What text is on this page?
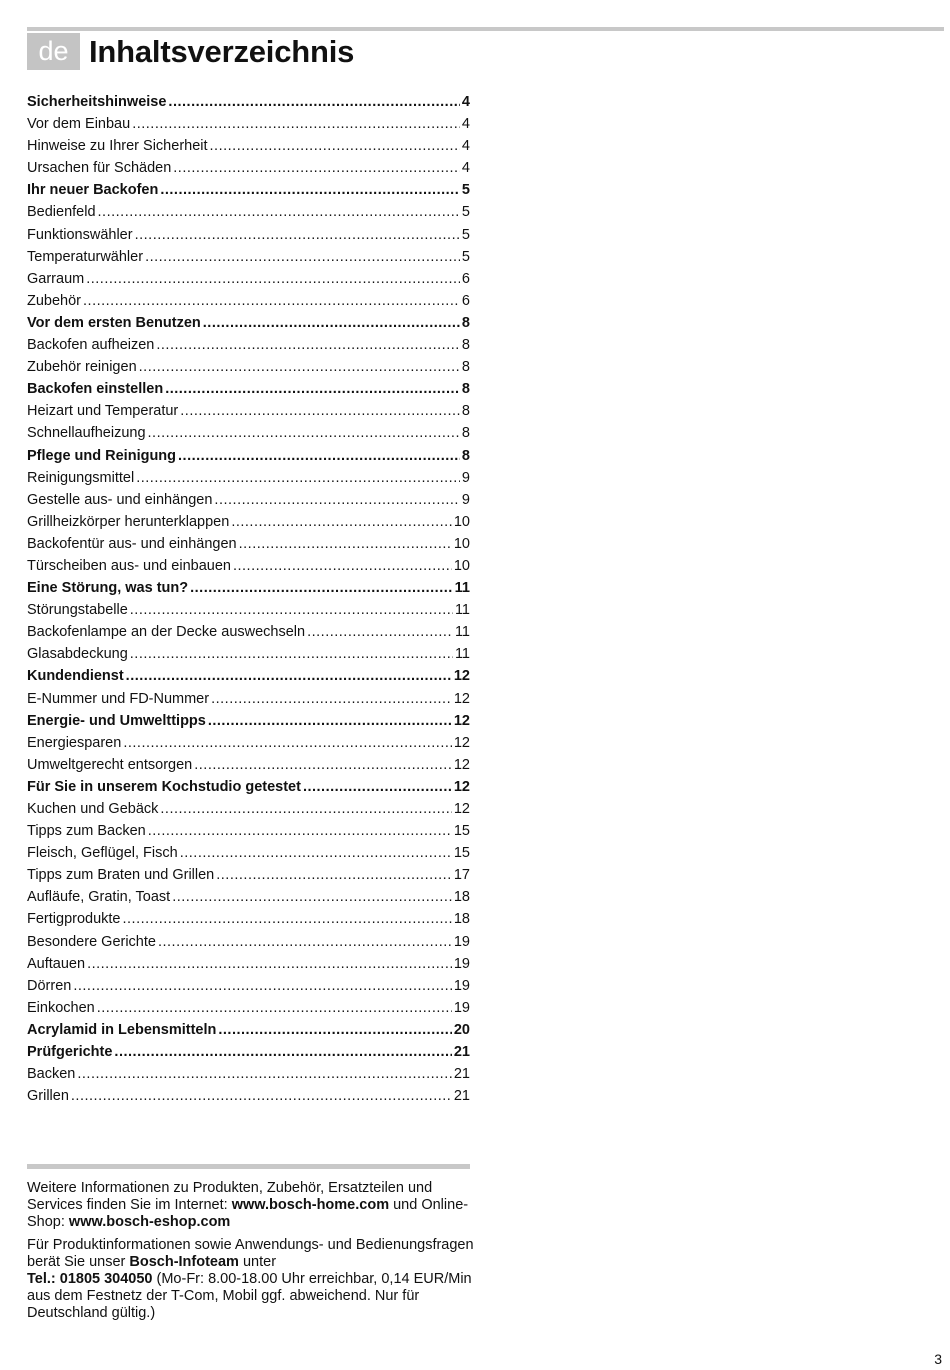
de Inhaltsverzeichnis
Sicherheitshinweise .....	4
Vor dem Einbau .....	4
Hinweise zu Ihrer Sicherheit .....	4
Ursachen für Schäden .....	4
Ihr neuer Backofen .....	5
Bedienfeld .....	5
Funktionswähler .....	5
Temperaturwähler .....	5
Garraum .....	6
Zubehör .....	6
Vor dem ersten Benutzen .....	8
Backofen aufheizen .....	8
Zubehör reinigen .....	8
Backofen einstellen .....	8
Heizart und Temperatur .....	8
Schnellaufheizung .....	8
Pflege und Reinigung .....	8
Reinigungsmittel .....	9
Gestelle aus- und einhängen .....	9
Grillheizkörper herunterklappen .....	10
Backofentür aus- und einhängen .....	10
Türscheiben aus- und einbauen .....	10
Eine Störung, was tun? .....	11
Störungstabelle .....	11
Backofenlampe an der Decke auswechseln .....	11
Glasabdeckung .....	11
Kundendienst .....	12
E-Nummer und FD-Nummer .....	12
Energie- und Umwelttipps .....	12
Energiesparen .....	12
Umweltgerecht entsorgen .....	12
Für Sie in unserem Kochstudio getestet .....	12
Kuchen und Gebäck .....	12
Tipps zum Backen .....	15
Fleisch, Geflügel, Fisch .....	15
Tipps zum Braten und Grillen .....	17
Aufläufe, Gratin, Toast .....	18
Fertigprodukte .....	18
Besondere Gerichte .....	19
Auftauen .....	19
Dörren .....	19
Einkochen .....	19
Acrylamid in Lebensmitteln .....	20
Prüfgerichte .....	21
Backen .....	21
Grillen .....	21

Weitere Informationen zu Produkten, Zubehör, Ersatzteilen und Services finden Sie im Internet: www.bosch-home.com und Online-Shop: www.bosch-eshop.com

Für Produktinformationen sowie Anwendungs- und Bedienungsfragen berät Sie unser Bosch-Infoteam unter
Tel.: 01805 304050 (Mo-Fr: 8.00-18.00 Uhr erreichbar, 0,14 EUR/Min aus dem Festnetz der T-Com, Mobil ggf. abweichend. Nur für Deutschland gültig.)

3
